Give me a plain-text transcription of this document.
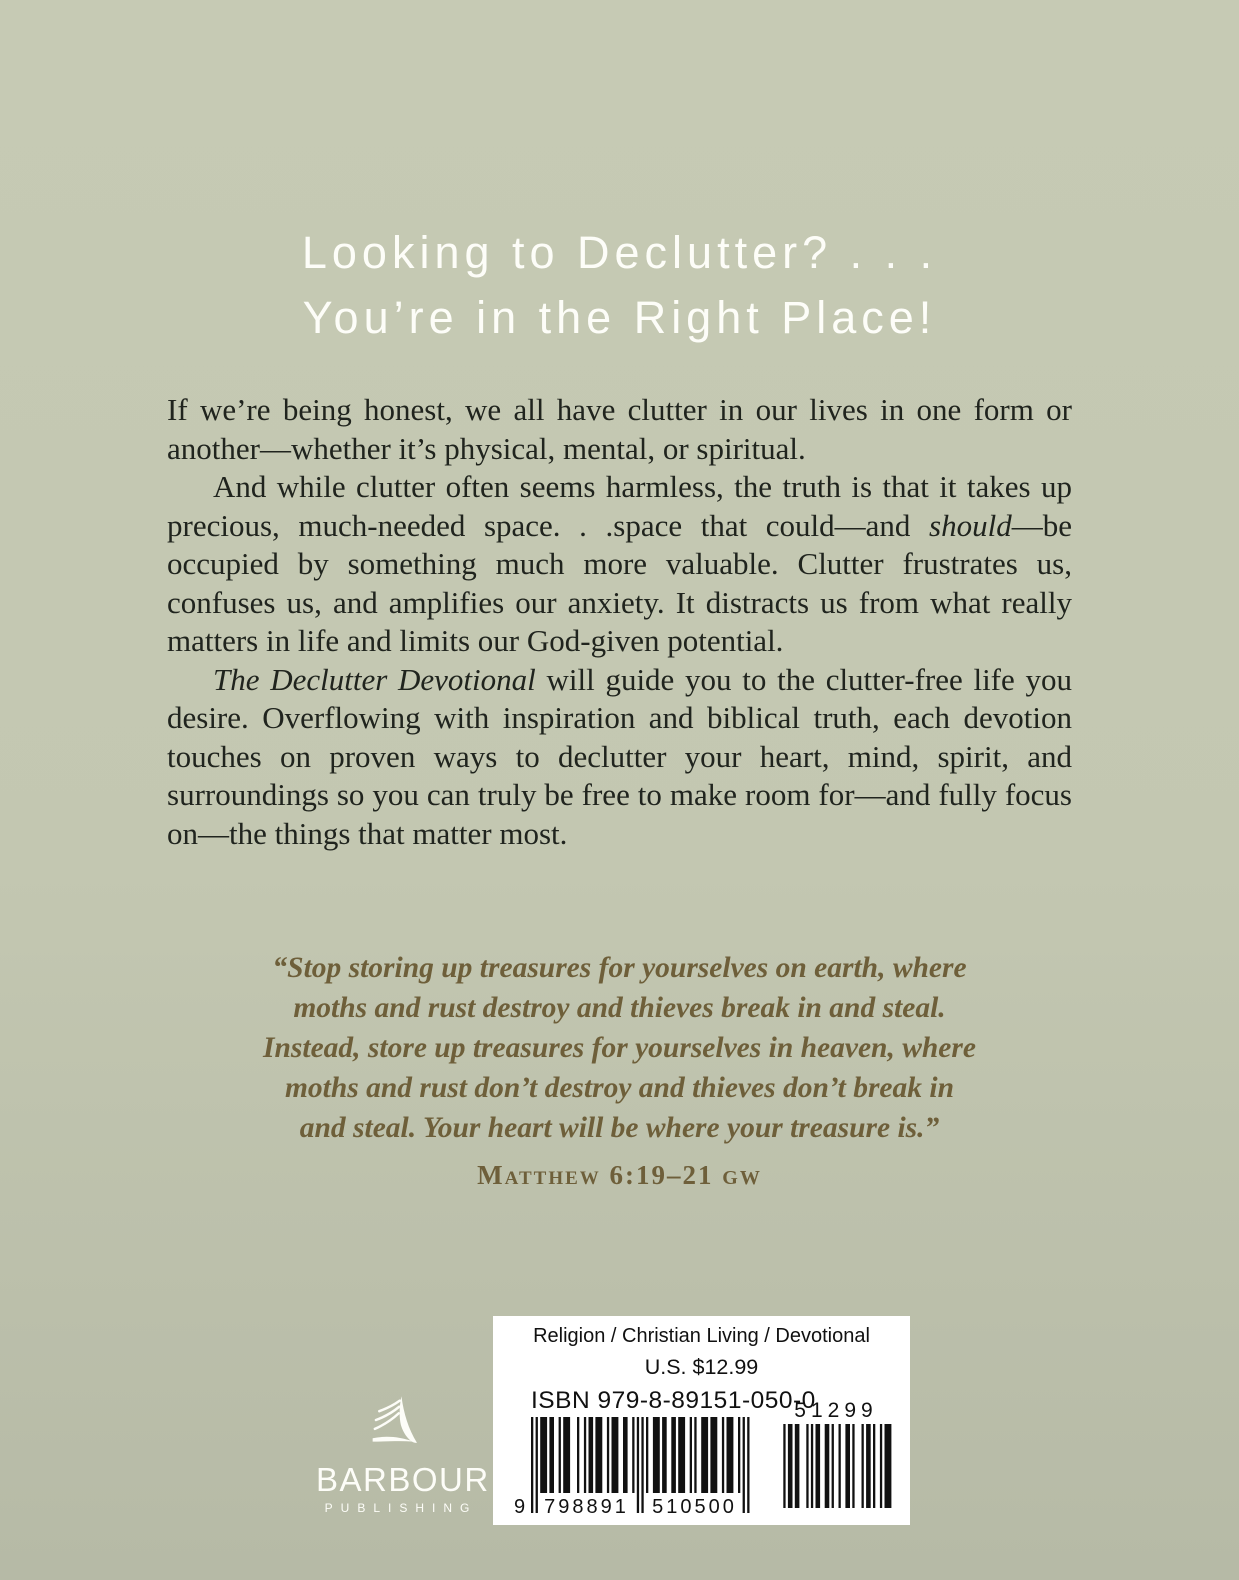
Looking to Declutter? . . .
You’re in the Right Place!

If we’re being honest, we all have clutter in our lives in one form or another—whether it’s physical, mental, or spiritual.

And while clutter often seems harmless, the truth is that it takes up precious, much-needed space. . .space that could—and should—be occupied by something much more valuable. Clutter frustrates us, confuses us, and amplifies our anxiety. It distracts us from what really matters in life and limits our God-given potential.

The Declutter Devotional will guide you to the clutter-free life you desire. Overflowing with inspiration and biblical truth, each devotion touches on proven ways to declutter your heart, mind, spirit, and surroundings so you can truly be free to make room for—and fully focus on—the things that matter most.

“Stop storing up treasures for yourselves on earth, where
moths and rust destroy and thieves break in and steal.
Instead, store up treasures for yourselves in heaven, where
moths and rust don’t destroy and thieves don’t break in
and steal. Your heart will be where your treasure is.”
Matthew 6:19–21 GW
Religion / Christian Living / Devotional
U.S. $12.99
ISBN 979-8-89151-050-0
9 798891	510500
51299
BARBOUR
PUBLISHING
